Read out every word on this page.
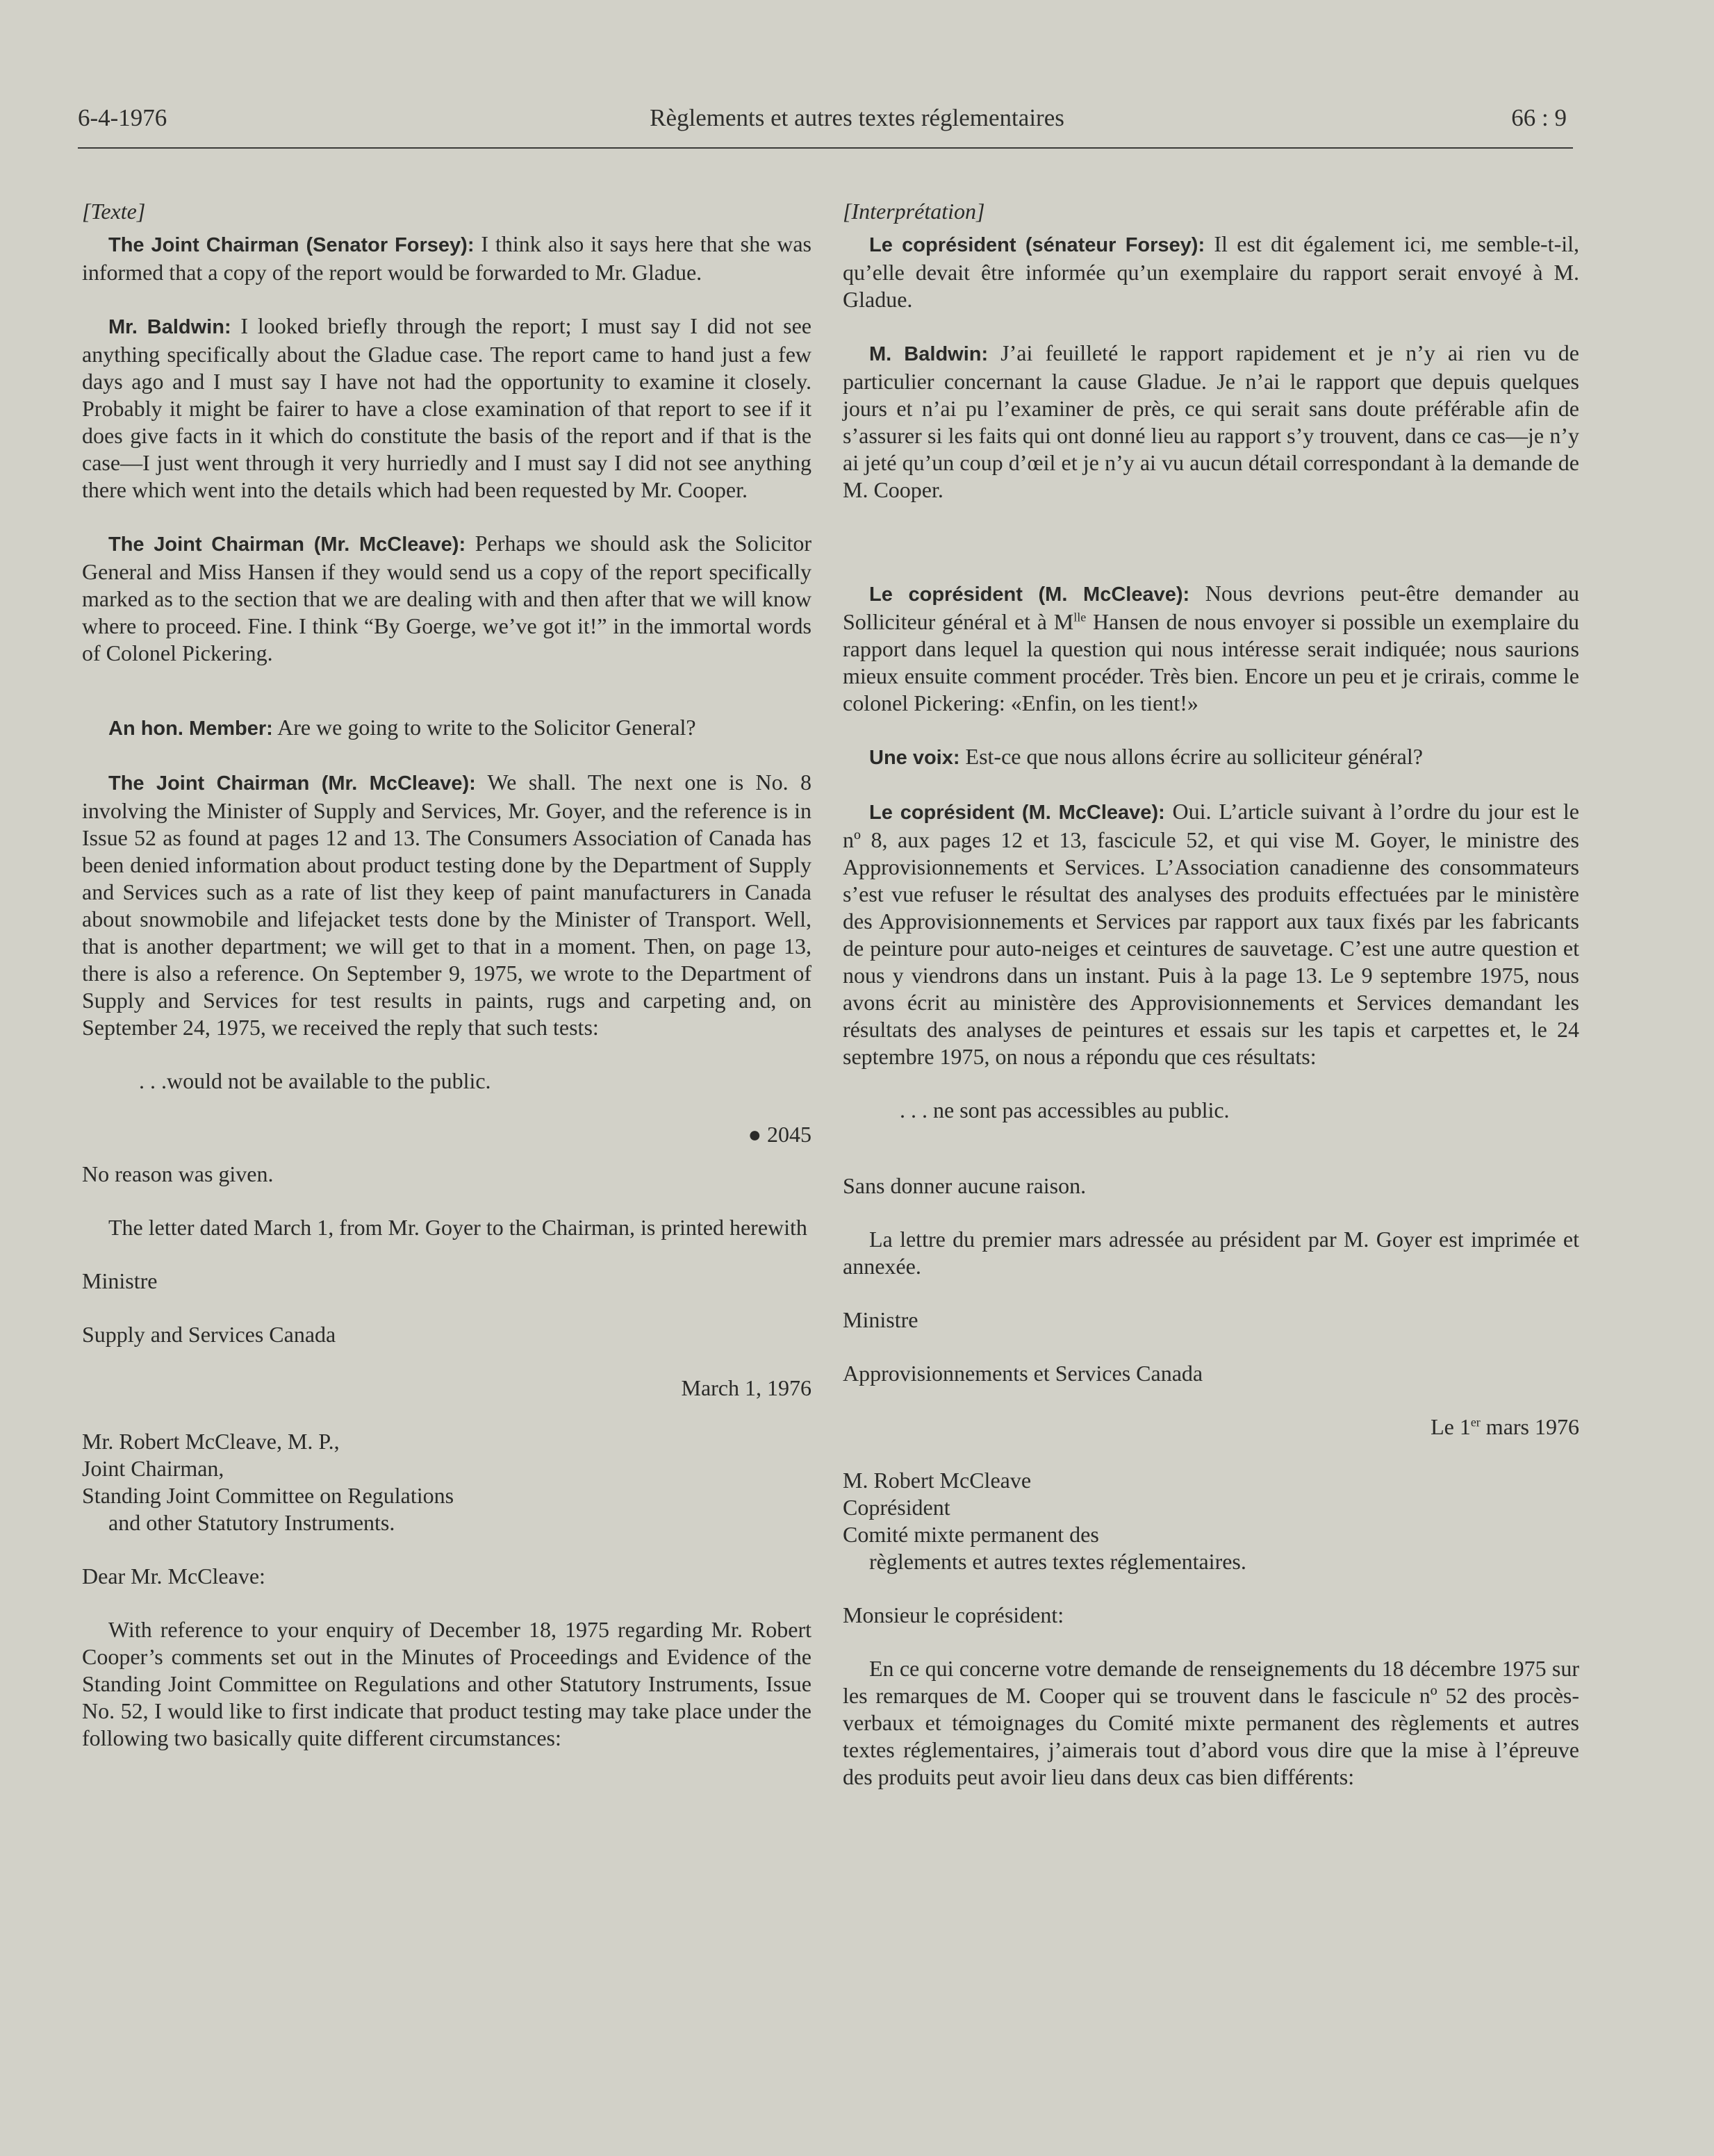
6-4-1976	Règlements et autres textes réglementaires	66 : 9

[Texte]

The Joint Chairman (Senator Forsey): I think also it says here that she was informed that a copy of the report would be forwarded to Mr. Gladue.

Mr. Baldwin: I looked briefly through the report; I must say I did not see anything specifically about the Gladue case. The report came to hand just a few days ago and I must say I have not had the opportunity to examine it closely. Probably it might be fairer to have a close examination of that report to see if it does give facts in it which do constitute the basis of the report and if that is the case—I just went through it very hurriedly and I must say I did not see anything there which went into the details which had been requested by Mr. Cooper.

The Joint Chairman (Mr. McCleave): Perhaps we should ask the Solicitor General and Miss Hansen if they would send us a copy of the report specifically marked as to the section that we are dealing with and then after that we will know where to proceed. Fine. I think “By Goerge, we’ve got it!” in the immortal words of Colonel Pickering.

An hon. Member: Are we going to write to the Solicitor General?

The Joint Chairman (Mr. McCleave): We shall. The next one is No. 8 involving the Minister of Supply and Services, Mr. Goyer, and the reference is in Issue 52 as found at pages 12 and 13. The Consumers Association of Canada has been denied information about product testing done by the Department of Supply and Services such as a rate of list they keep of paint manufacturers in Canada about snowmobile and lifejacket tests done by the Minister of Transport. Well, that is another department; we will get to that in a moment. Then, on page 13, there is also a reference. On September 9, 1975, we wrote to the Department of Supply and Services for test results in paints, rugs and carpeting and, on September 24, 1975, we received the reply that such tests:

. . .would not be available to the public.

● 2045

No reason was given.

The letter dated March 1, from Mr. Goyer to the Chairman, is printed herewith

Ministre

Supply and Services Canada

March 1, 1976

Mr. Robert McCleave, M. P.,
Joint Chairman,
Standing Joint Committee on Regulations
and other Statutory Instruments.

Dear Mr. McCleave:

With reference to your enquiry of December 18, 1975 regarding Mr. Robert Cooper’s comments set out in the Minutes of Proceedings and Evidence of the Standing Joint Committee on Regulations and other Statutory Instruments, Issue No. 52, I would like to first indicate that product testing may take place under the following two basically quite different circumstances:

[Interprétation]

Le coprésident (sénateur Forsey): Il est dit également ici, me semble-t-il, qu’elle devait être informée qu’un exemplaire du rapport serait envoyé à M. Gladue.

M. Baldwin: J’ai feuilleté le rapport rapidement et je n’y ai rien vu de particulier concernant la cause Gladue. Je n’ai le rapport que depuis quelques jours et n’ai pu l’examiner de près, ce qui serait sans doute préférable afin de s’assurer si les faits qui ont donné lieu au rapport s’y trouvent, dans ce cas—je n’y ai jeté qu’un coup d’œil et je n’y ai vu aucun détail correspondant à la demande de M. Cooper.

Le coprésident (M. McCleave): Nous devrions peut-être demander au Solliciteur général et à $M^{lle}$ Hansen de nous envoyer si possible un exemplaire du rapport dans lequel la question qui nous intéresse serait indiquée; nous saurions mieux ensuite comment procéder. Très bien. Encore un peu et je crirais, comme le colonel Pickering: «Enfin, on les tient!»

Une voix: Est-ce que nous allons écrire au solliciteur général?

Le coprésident (M. McCleave): Oui. L’article suivant à l’ordre du jour est le nº 8, aux pages 12 et 13, fascicule 52, et qui vise M. Goyer, le ministre des Approvisionnements et Services. L’Association canadienne des consommateurs s’est vue refuser le résultat des analyses des produits effectuées par le ministère des Approvisionnements et Services par rapport aux taux fixés par les fabricants de peinture pour auto-neiges et ceintures de sauvetage. C’est une autre question et nous y viendrons dans un instant. Puis à la page 13. Le 9 septembre 1975, nous avons écrit au ministère des Approvisionnements et Services demandant les résultats des analyses de peintures et essais sur les tapis et carpettes et, le 24 septembre 1975, on nous a répondu que ces résultats:

. . . ne sont pas accessibles au public.

Sans donner aucune raison.

La lettre du premier mars adressée au président par M. Goyer est imprimée et annexée.

Ministre

Approvisionnements et Services Canada

Le 1er mars 1976

M. Robert McCleave
Coprésident
Comité mixte permanent des
règlements et autres textes réglementaires.

Monsieur le coprésident:

En ce qui concerne votre demande de renseignements du 18 décembre 1975 sur les remarques de M. Cooper qui se trouvent dans le fascicule nº 52 des procès-verbaux et témoignages du Comité mixte permanent des règlements et autres textes réglementaires, j’aimerais tout d’abord vous dire que la mise à l’épreuve des produits peut avoir lieu dans deux cas bien différents:
